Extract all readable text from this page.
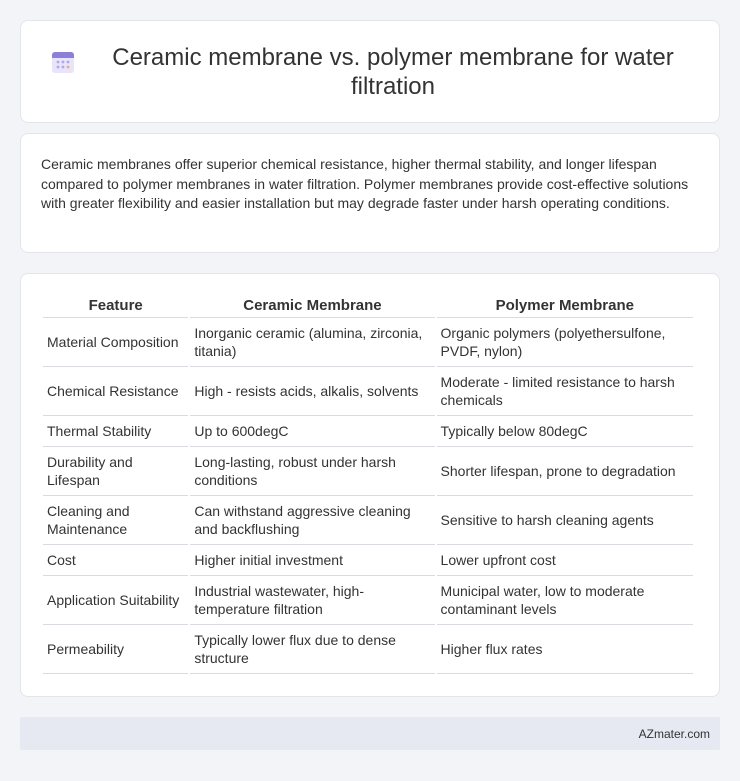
Ceramic membrane vs. polymer membrane for water filtration

Ceramic membranes offer superior chemical resistance, higher thermal stability, and longer lifespan compared to polymer membranes in water filtration. Polymer membranes provide cost-effective solutions with greater flexibility and easier installation but may degrade faster under harsh operating conditions.

Feature	Ceramic Membrane	Polymer Membrane
Material Composition	Inorganic ceramic (alumina, zirconia, titania)	Organic polymers (polyethersulfone, PVDF, nylon)
Chemical Resistance	High - resists acids, alkalis, solvents	Moderate - limited resistance to harsh chemicals
Thermal Stability	Up to 600degC	Typically below 80degC
Durability and Lifespan	Long-lasting, robust under harsh conditions	Shorter lifespan, prone to degradation
Cleaning and Maintenance	Can withstand aggressive cleaning and backflushing	Sensitive to harsh cleaning agents
Cost	Higher initial investment	Lower upfront cost
Application Suitability	Industrial wastewater, high-temperature filtration	Municipal water, low to moderate contaminant levels
Permeability	Typically lower flux due to dense structure	Higher flux rates
AZmater.com
